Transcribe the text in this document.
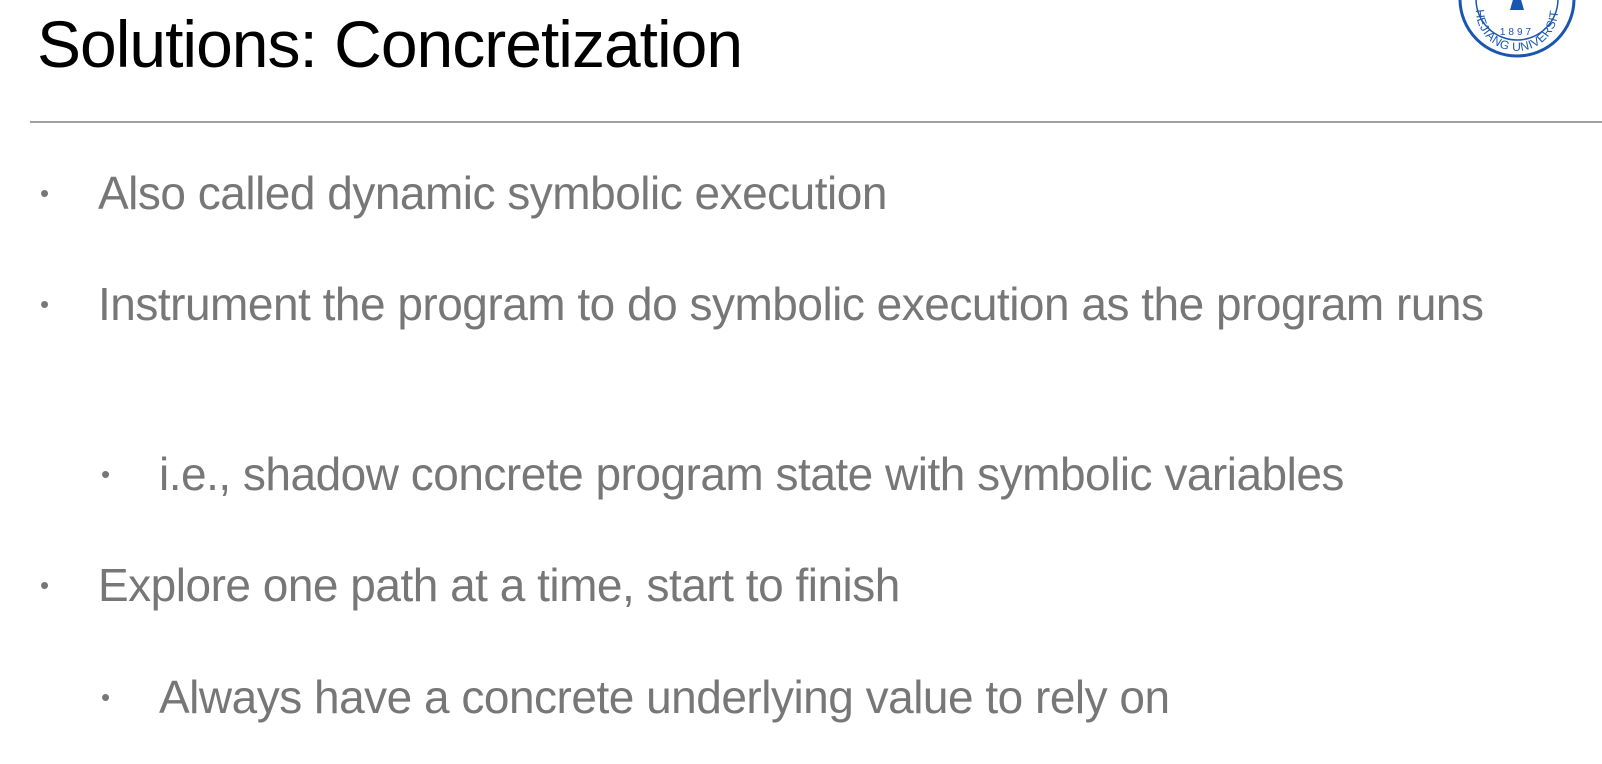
Solutions: Concretization	1897
HEJIANG UNIVERSIT
• Also called dynamic symbolic execution
• Instrument the program to do symbolic execution as the program runs
• i.e., shadow concrete program state with symbolic variables
• Explore one path at a time, start to finish
• Always have a concrete underlying value to rely on
